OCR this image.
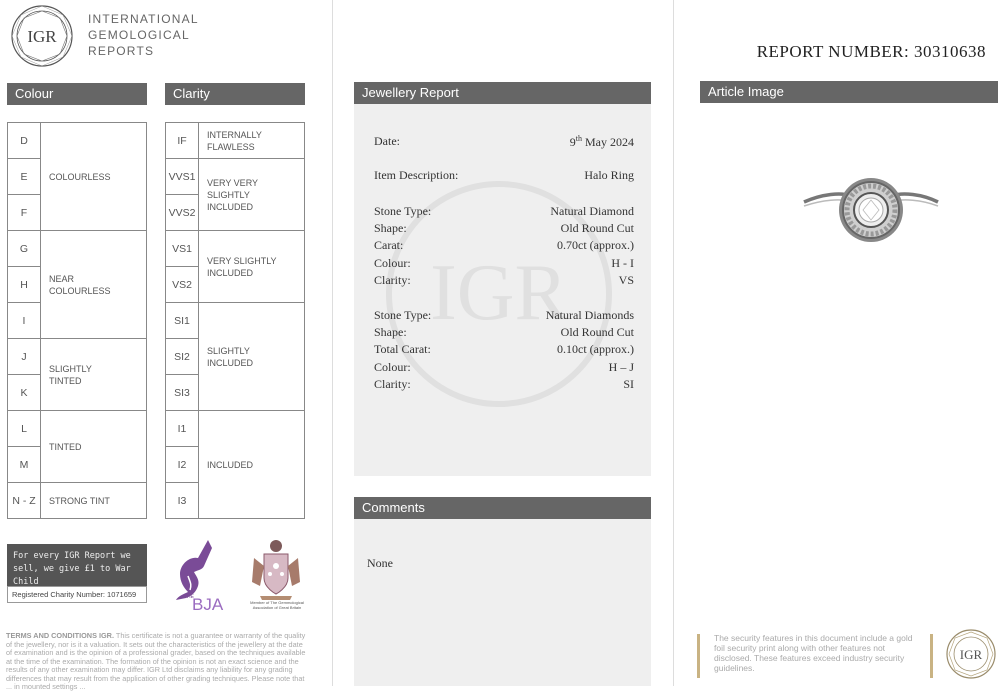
IGR
INTERNATIONAL
GEMOLOGICAL
REPORTS
Colour	Clarity
D	COLOURLESS
E	
F	
G	NEAR COLOURLESS

H	
I	
J	SLIGHTLY TINTED

K	
L	TINTED
M	
N - Z	STRONG TINT
IF	INTERNALLY FLAWLESS
VVS1	VERY VERY SLIGHTLY INCLUDED

VVS2	
VS1	VERY SLIGHTLY INCLUDED

VS2	
SI1	SLIGHTLY INCLUDED

SI2	
SI3	
I1	INCLUDED
I2	
I3	
For every IGR Report we sell, we give £1 to War Child
Registered Charity Number: 1071659	THE
BJA	Member of The Gemmological Association of Great Britain
TERMS AND CONDITIONS IGR. This certificate is not a guarantee or warranty of the quality of the jewellery, nor is it a valuation. It sets out the characteristics of the jewellery at the date of examination and is the opinion of a professional grader, based on the techniques available at the time of the examination. The formation of the opinion is not an exact science and the results of any other examination may differ. IGR Ltd disclaims any liability for any grading differences that may result from the application of other grading techniques. Please note that ... in mounted settings ...
Jewellery Report
IGR
Date:	9th May 2024
Item Description:	Halo Ring
Stone Type:	Natural Diamond
Shape:	Old Round Cut
Carat:	0.70ct (approx.)
Colour:	H - I
Clarity:	VS
Stone Type:	Natural Diamonds
Shape:	Old Round Cut
Total Carat:	0.10ct (approx.)
Colour:	H – J
Clarity:	SI
Comments
None
Article Image
REPORT NUMBER: 30310638
The security features in this document include a gold foil security print along with other features not disclosed. These features exceed industry security guidelines.
IGR
